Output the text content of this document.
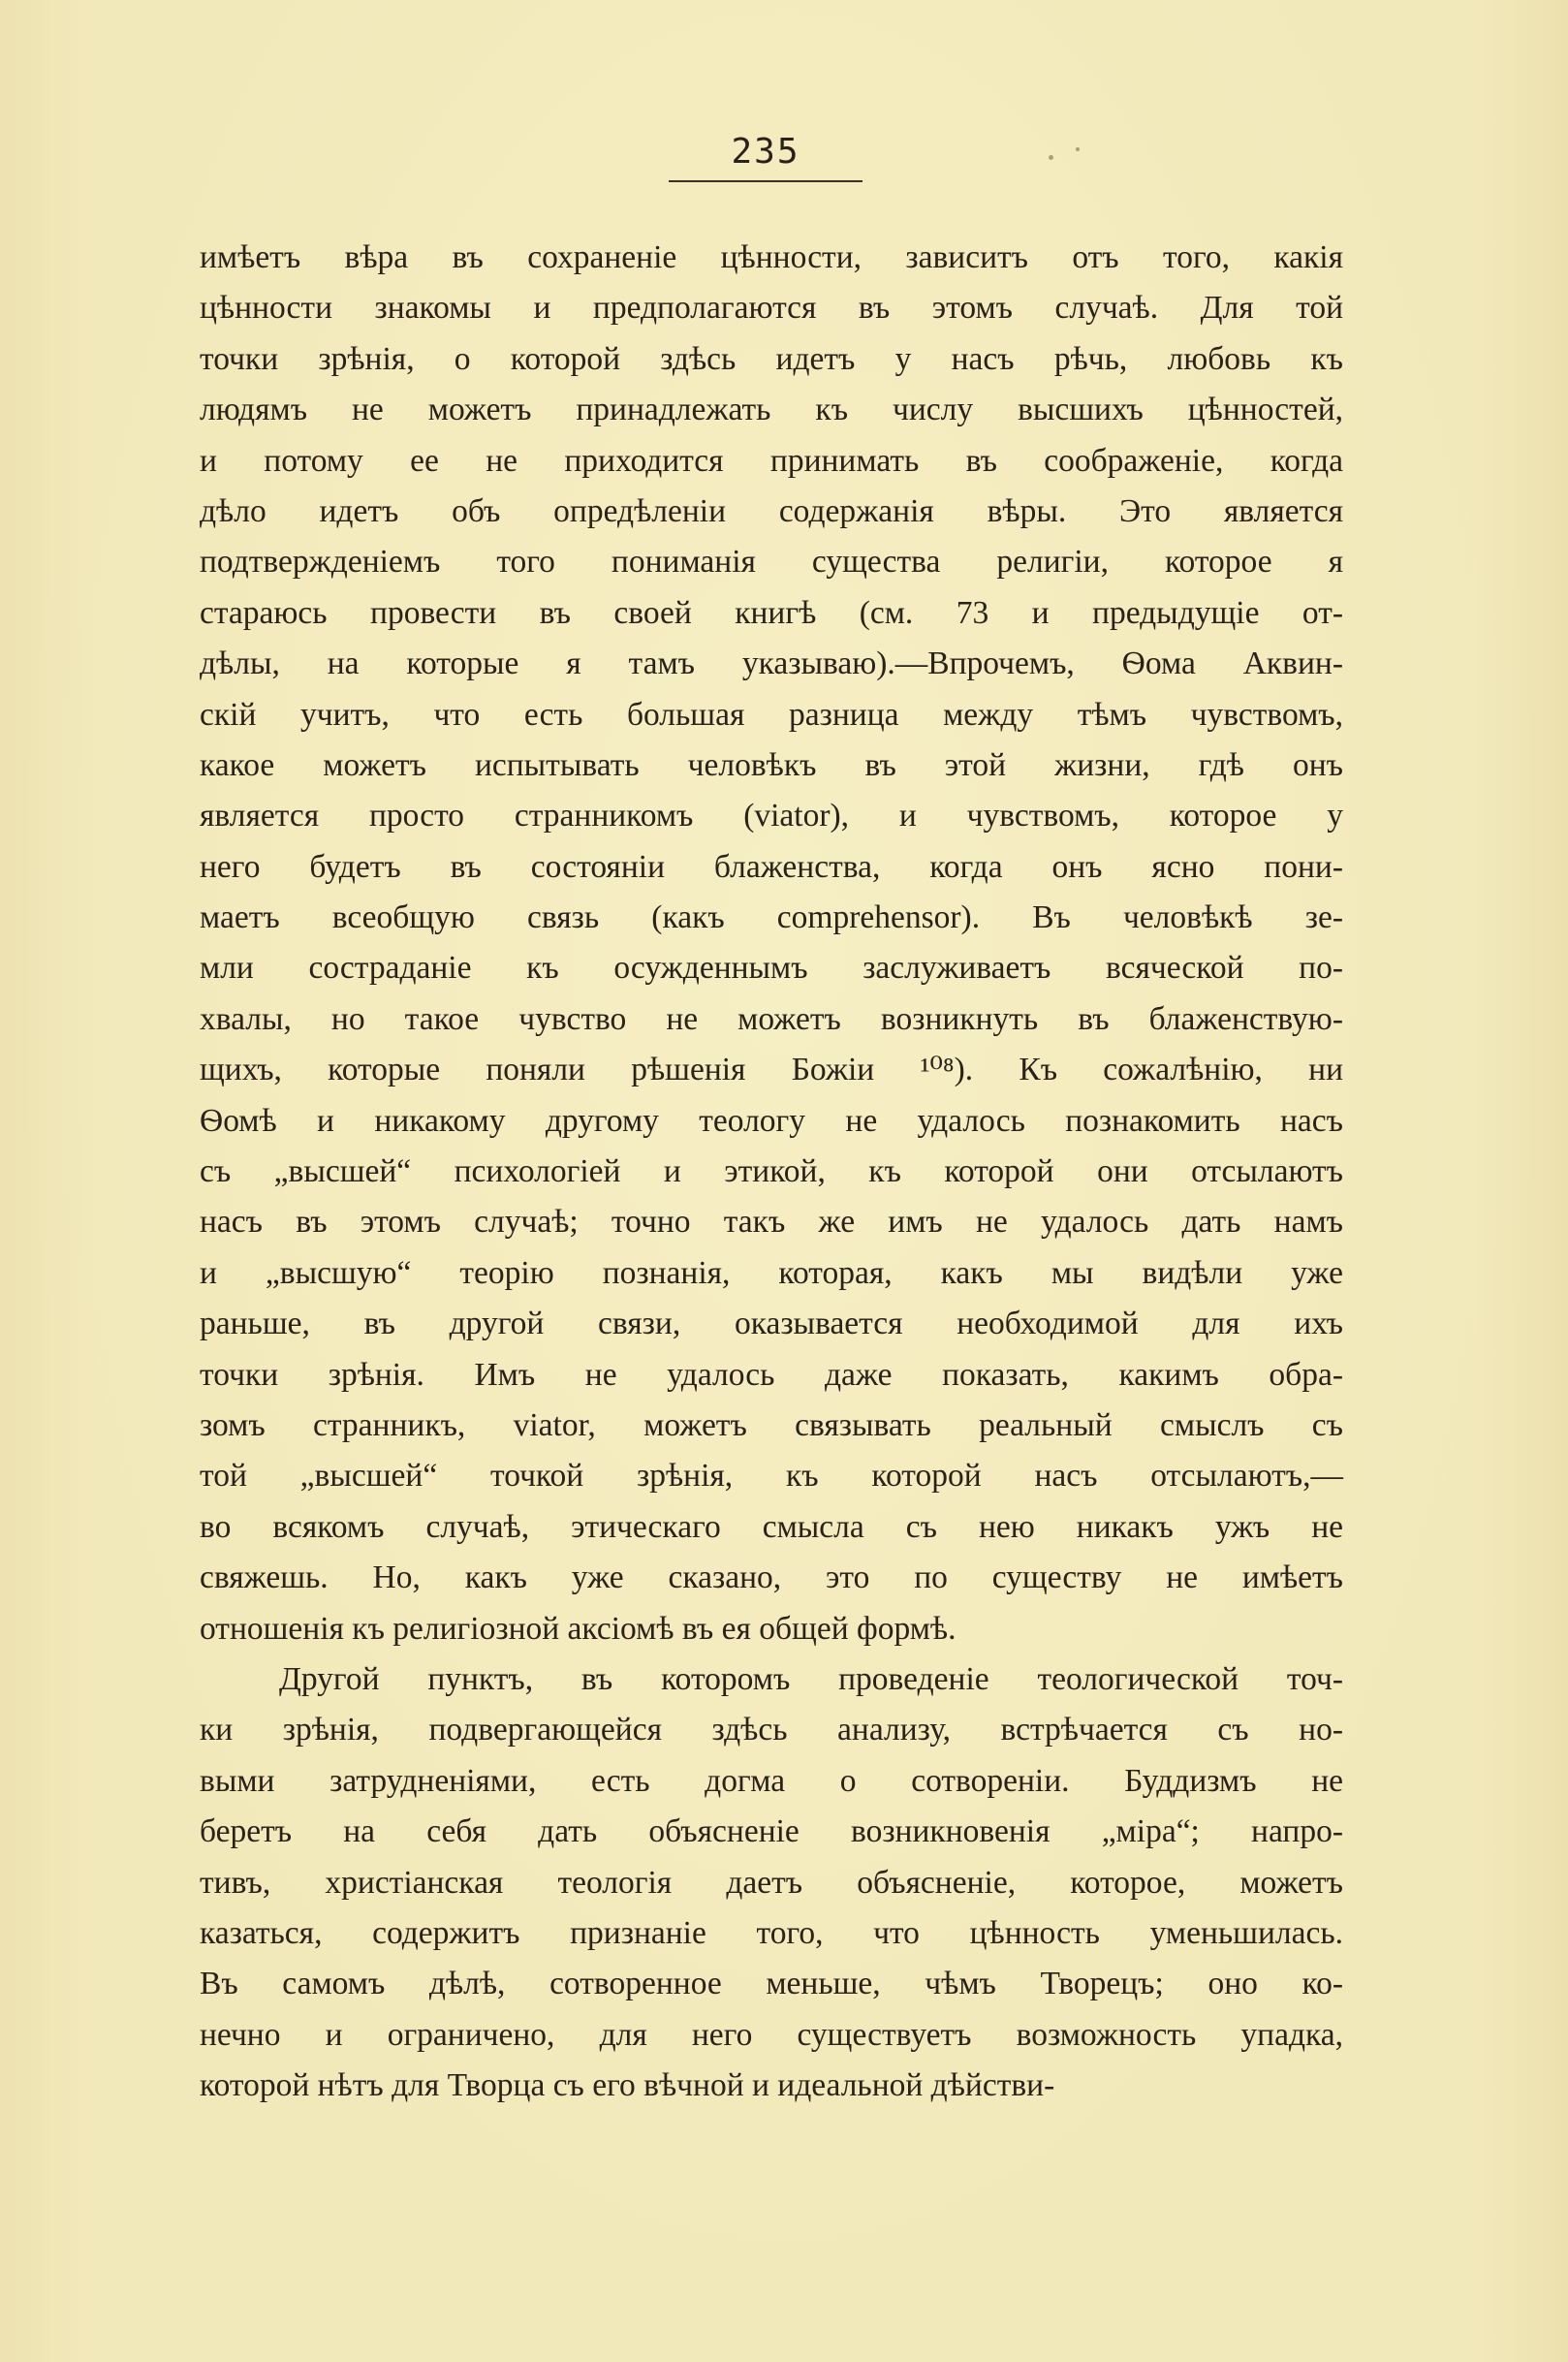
235

имѣетъ вѣра въ сохраненіе цѣнности, зависитъ отъ того, какія
цѣнности знакомы и предполагаются въ этомъ случаѣ. Для той
точки зрѣнія, о которой здѣсь идетъ у насъ рѣчь, любовь къ
людямъ не можетъ принадлежать къ числу высшихъ цѣнностей,
и потому ее не приходится принимать въ соображеніе, когда
дѣло идетъ объ опредѣленіи содержанія вѣры. Это является
подтвержденіемъ того пониманія существа религіи, которое я
стараюсь провести въ своей книгѣ (см. 73 и предыдущіе от-
дѣлы, на которые я тамъ указываю).—Впрочемъ, Ѳома Аквин-
скій учитъ, что есть большая разница между тѣмъ чувствомъ,
какое можетъ испытывать человѣкъ въ этой жизни, гдѣ онъ
является просто странникомъ (viator), и чувствомъ, которое у
него будетъ въ состояніи блаженства, когда онъ ясно пони-
маетъ всеобщую связь (какъ comprehensor). Въ человѣкѣ зе-
мли состраданіе къ осужденнымъ заслуживаетъ всяческой по-
хвалы, но такое чувство не можетъ возникнуть въ блаженствую-
щихъ, которые поняли рѣшенія Божіи ¹⁰⁸). Къ сожалѣнію, ни
Ѳомѣ и никакому другому теологу не удалось познакомить насъ
съ „высшей“ психологіей и этикой, къ которой они отсылаютъ
насъ въ этомъ случаѣ; точно такъ же имъ не удалось дать намъ
и „высшую“ теорію познанія, которая, какъ мы видѣли уже
раньше, въ другой связи, оказывается необходимой для ихъ
точки зрѣнія. Имъ не удалось даже показать, какимъ обра-
зомъ странникъ, viator, можетъ связывать реальный смыслъ съ
той „высшей“ точкой зрѣнія, къ которой насъ отсылаютъ,—
во всякомъ случаѣ, этическаго смысла съ нею никакъ ужъ не
свяжешь. Но, какъ уже сказано, это по существу не имѣетъ
отношенія къ религіозной аксіомѣ въ ея общей формѣ.
Другой пунктъ, въ которомъ проведеніе теологической точ-
ки зрѣнія, подвергающейся здѣсь анализу, встрѣчается съ но-
выми затрудненіями, есть догма о сотвореніи. Буддизмъ не
беретъ на себя дать объясненіе возникновенія „міра“; напро-
тивъ, христіанская теологія даетъ объясненіе, которое, можетъ
казаться, содержитъ признаніе того, что цѣнность уменьшилась.
Въ самомъ дѣлѣ, сотворенное меньше, чѣмъ Творецъ; оно ко-
нечно и ограничено, для него существуетъ возможность упадка,
которой нѣтъ для Творца съ его вѣчной и идеальной дѣйстви-
